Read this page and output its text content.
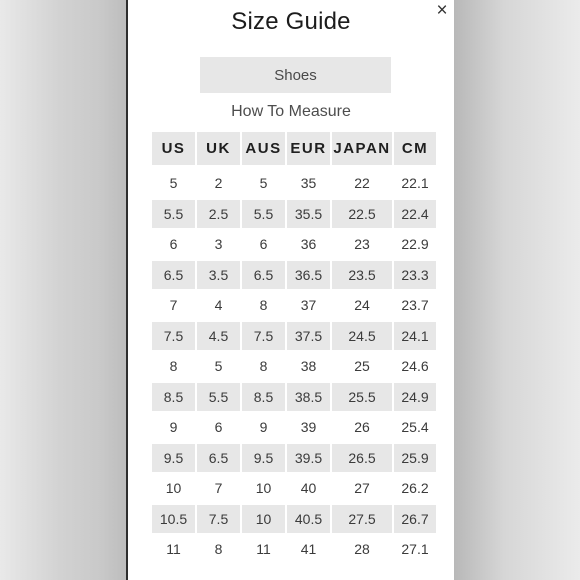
Size Guide	×
Shoes
How To Measure
US	UK AUS EUR JAPAN CM
5	2	5	35	22	22.1
5.5	2.5	5.5	35.5	22.5	22.4
6	3	6	36	23	22.9
6.5	3.5	6.5	36.5	23.5	23.3
7	4	8	37	24	23.7
7.5	4.5	7.5	37.5	24.5	24.1
8	5	8	38	25	24.6
8.5	5.5	8.5	38.5	25.5	24.9
9	6	9	39	26	25.4
9.5	6.5	9.5	39.5	26.5	25.9
10	7	10	40	27	26.2
10.5	7.5	10	40.5	27.5	26.7
11	8	11	41	28	27.1
